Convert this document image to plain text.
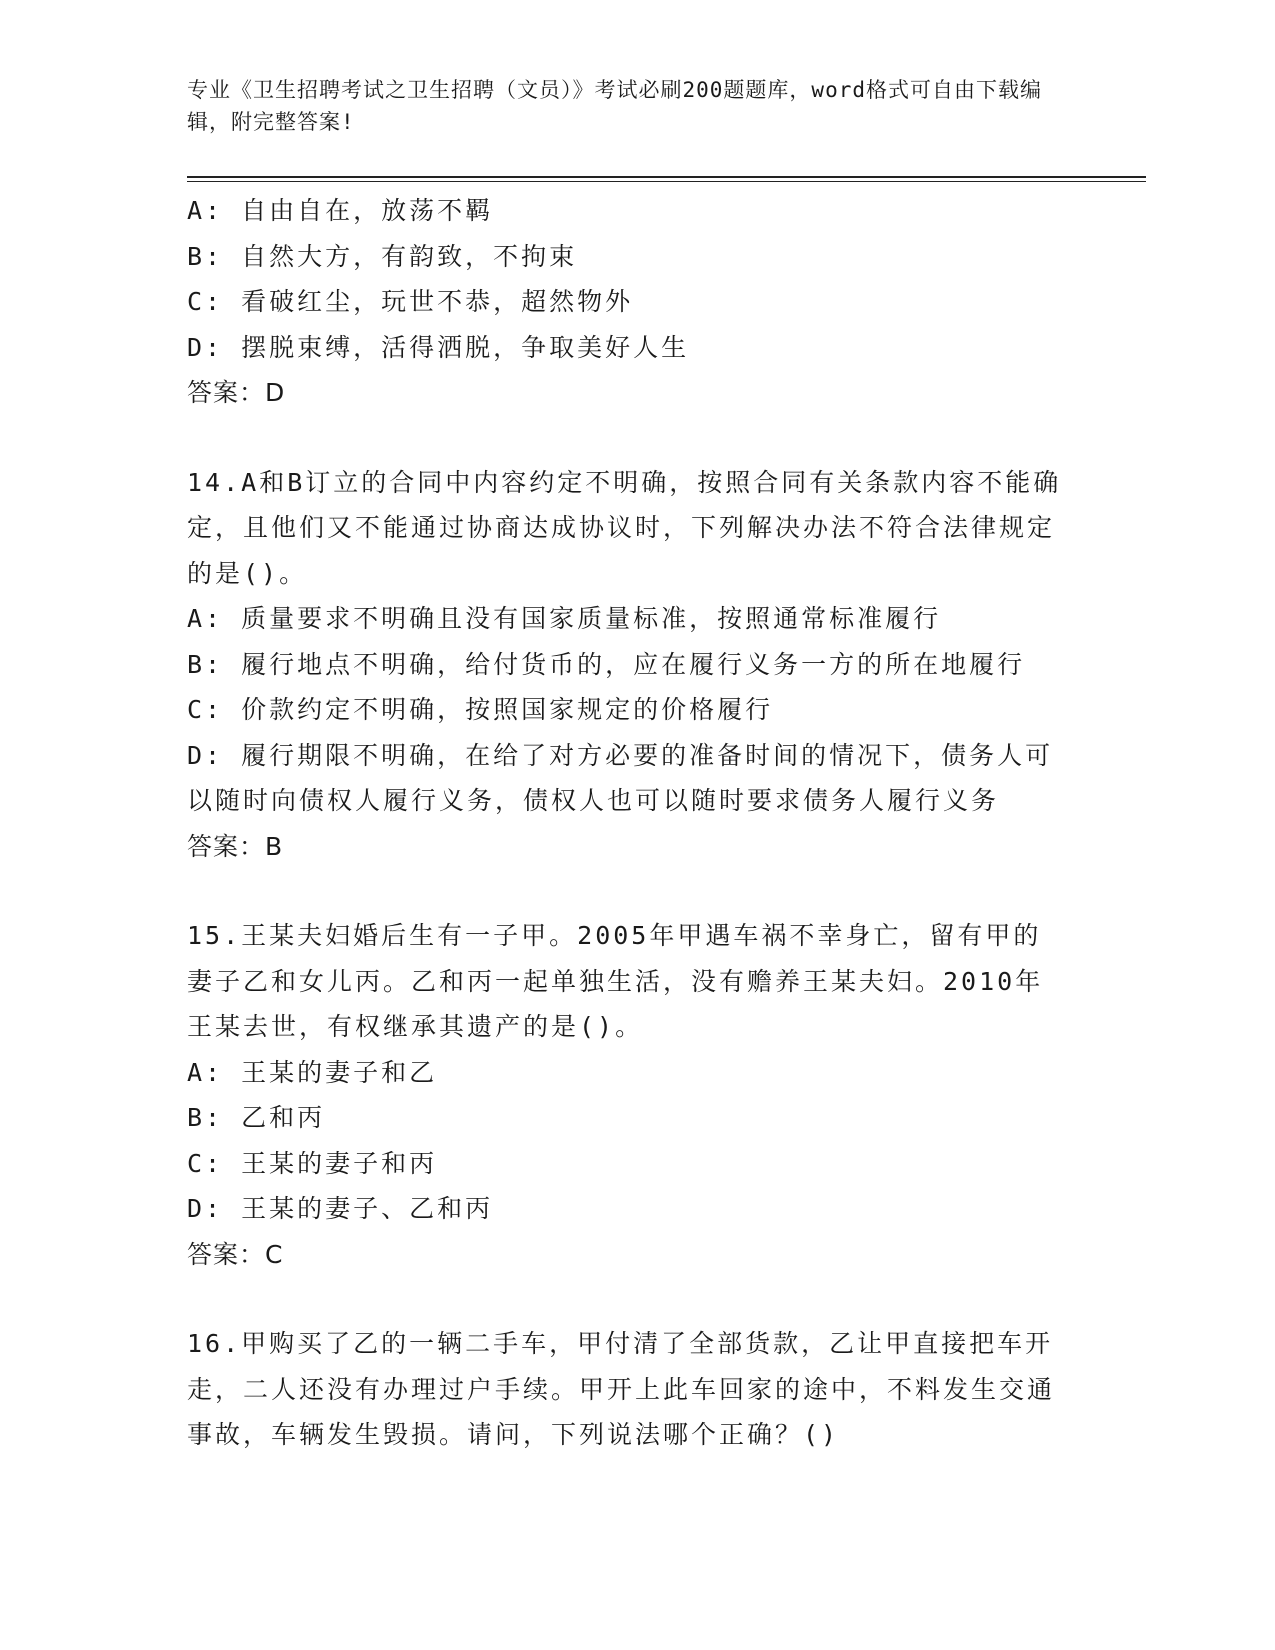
专业《卫生招聘考试之卫生招聘（文员）》考试必刷200题题库，word格式可自由下载编辑，附完整答案!
A: 自由自在，放荡不羁
B: 自然大方，有韵致，不拘束
C: 看破红尘，玩世不恭，超然物外
D: 摆脱束缚，活得洒脱，争取美好人生
答案：D
14.A和B订立的合同中内容约定不明确，按照合同有关条款内容不能确定，且他们又不能通过协商达成协议时，下列解决办法不符合法律规定的是()。
A: 质量要求不明确且没有国家质量标准，按照通常标准履行
B: 履行地点不明确，给付货币的，应在履行义务一方的所在地履行
C: 价款约定不明确，按照国家规定的价格履行
D: 履行期限不明确，在给了对方必要的准备时间的情况下，债务人可以随时向债权人履行义务，债权人也可以随时要求债务人履行义务
答案：B
15.王某夫妇婚后生有一子甲。2005年甲遇车祸不幸身亡，留有甲的妻子乙和女儿丙。乙和丙一起单独生活，没有赡养王某夫妇。2010年王某去世，有权继承其遗产的是()。
A: 王某的妻子和乙
B: 乙和丙
C: 王某的妻子和丙
D: 王某的妻子、乙和丙
答案：C
16.甲购买了乙的一辆二手车，甲付清了全部货款，乙让甲直接把车开走，二人还没有办理过户手续。甲开上此车回家的途中，不料发生交通事故，车辆发生毁损。请问，下列说法哪个正确？()
